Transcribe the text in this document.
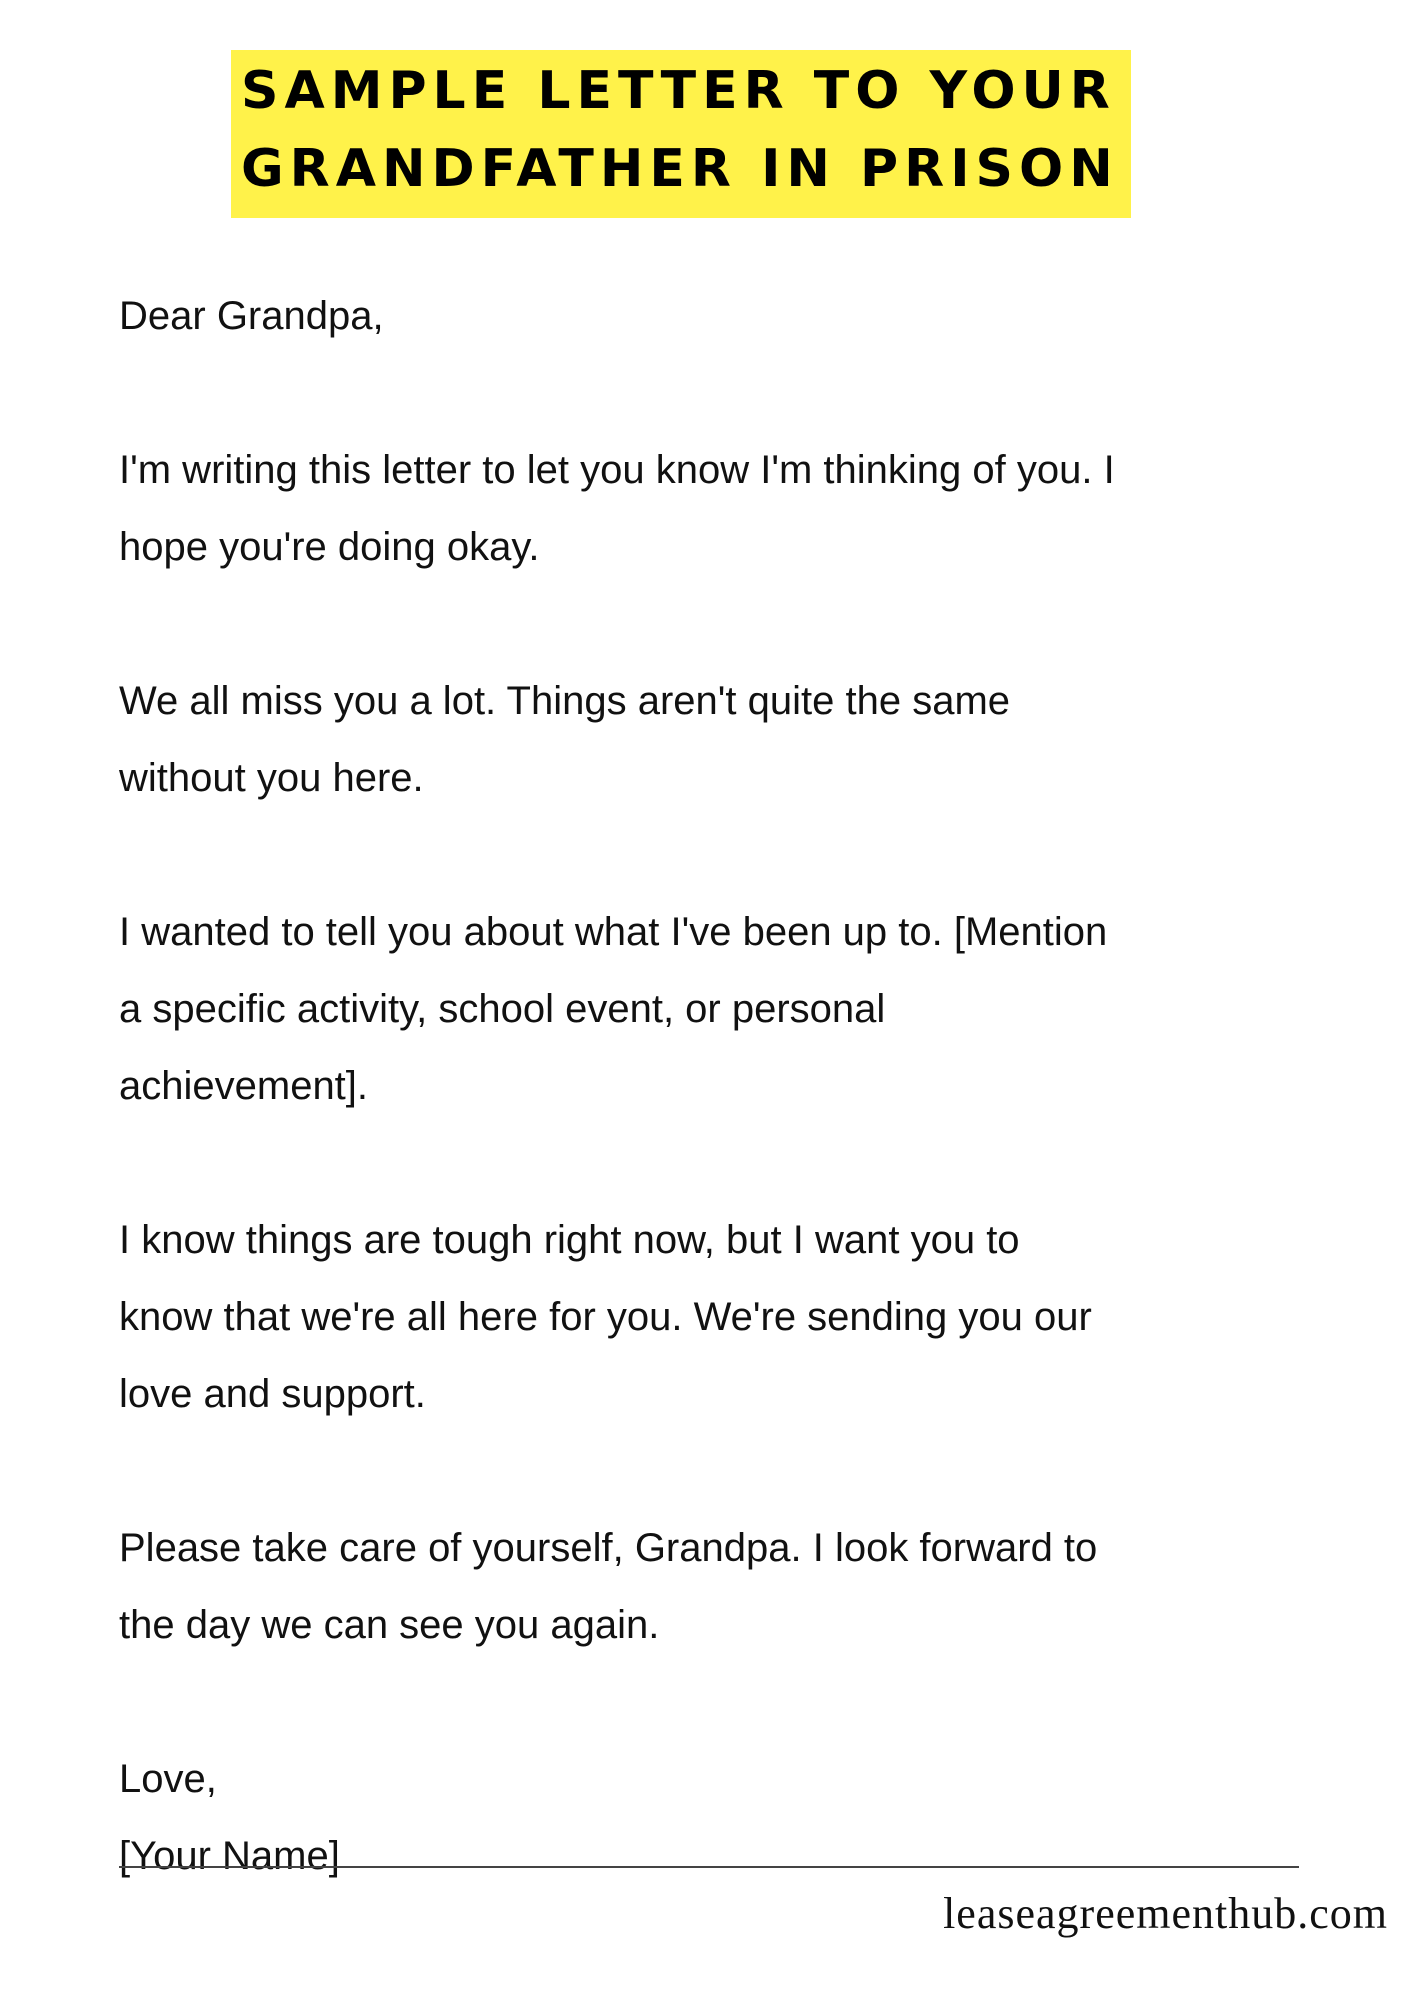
SAMPLE LETTER TO YOUR
GRANDFATHER IN PRISON
Dear Grandpa,
I'm writing this letter to let you know I'm thinking of you. I
hope you're doing okay.
We all miss you a lot. Things aren't quite the same
without you here.
I wanted to tell you about what I've been up to. [Mention
a specific activity, school event, or personal
achievement].
I know things are tough right now, but I want you to
know that we're all here for you. We're sending you our
love and support.
Please take care of yourself, Grandpa. I look forward to
the day we can see you again.
Love,
[Your Name]
leaseagreementhub.com
